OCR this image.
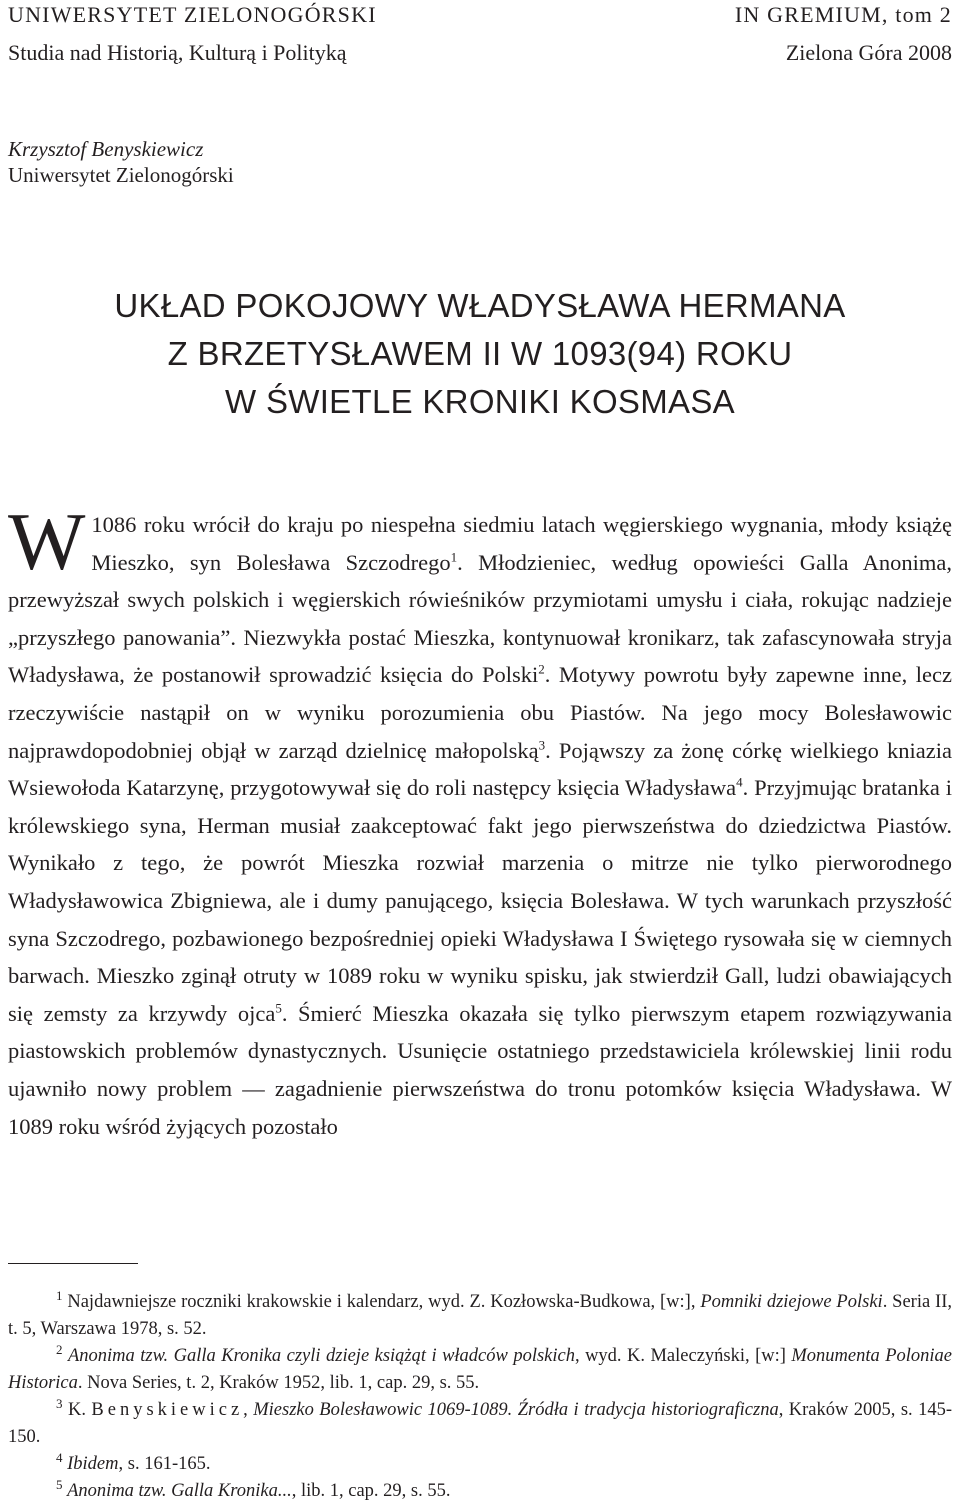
UNIWERSYTET ZIELONOGÓRSKI	IN GREMIUM, tom 2
Studia nad Historią, Kulturą i Polityką	Zielona Góra 2008
Krzysztof Benyskiewicz
Uniwersytet Zielonogórski
UKŁAD POKOJOWY WŁADYSŁAWA HERMANA
Z BRZETYSŁAWEM II W 1093(94) ROKU
W ŚWIETLE KRONIKI KOSMASA
W 1086 roku wrócił do kraju po niespełna siedmiu latach węgierskiego wygnania, młody książę Mieszko, syn Bolesława Szczodrego$^1$. Młodzieniec, według opowieści Galla Anonima, przewyższał swych polskich i węgierskich rówieśników przymiotami umysłu i ciała, rokując nadzieje „przyszłego panowania”. Niezwykła postać Mieszka, kontynuował kronikarz, tak zafascynowała stryja Władysława, że postanowił sprowadzić księcia do Polski$^2$. Motywy powrotu były zapewne inne, lecz rzeczywiście nastąpił on w wyniku porozumienia obu Piastów. Na jego mocy Bolesławowic najprawdopodobniej objął w zarząd dzielnicę małopolską$^3$. Pojąwszy za żonę córkę wielkiego kniazia Wsiewołoda Katarzynę, przygotowywał się do roli następcy księcia Władysława$^4$. Przyjmując bratanka i królewskiego syna, Herman musiał zaakceptować fakt jego pierwszeństwa do dziedzictwa Piastów. Wynikało z tego, że powrót Mieszka rozwiał marzenia o mitrze nie tylko pierworodnego Władysławowica Zbigniewa, ale i dumy panującego, księcia Bolesława. W tych warunkach przyszłość syna Szczodrego, pozbawionego bezpośredniej opieki Władysława I Świętego rysowała się w ciemnych barwach. Mieszko zginął otruty w 1089 roku w wyniku spisku, jak stwierdził Gall, ludzi obawiających się zemsty za krzywdy ojca$^5$. Śmierć Mieszka okazała się tylko pierwszym etapem rozwiązywania piastowskich problemów dynastycznych. Usunięcie ostatniego przedstawiciela królewskiej linii rodu ujawniło nowy problem — zagadnienie pierwszeństwa do tronu potomków księcia Władysława. W 1089 roku wśród żyjących pozostało

$^1$ Najdawniejsze roczniki krakowskie i kalendarz, wyd. Z. Kozłowska-Budkowa, [w:], Pomniki dziejowe Polski. Seria II, t. 5, Warszawa 1978, s. 52.

$^2$ Anonima tzw. Galla Kronika czyli dzieje książąt i władców polskich, wyd. K. Maleczyński, [w:] Monumenta Poloniae Historica. Nova Series, t. 2, Kraków 1952, lib. 1, cap. 29, s. 55.

$^3$ K. Benyskiewicz, Mieszko Bolesławowic 1069-1089. Źródła i tradycja historiograficzna, Kraków 2005, s. 145-150.

$^4$ Ibidem, s. 161-165.

$^5$ Anonima tzw. Galla Kronika..., lib. 1, cap. 29, s. 55.
